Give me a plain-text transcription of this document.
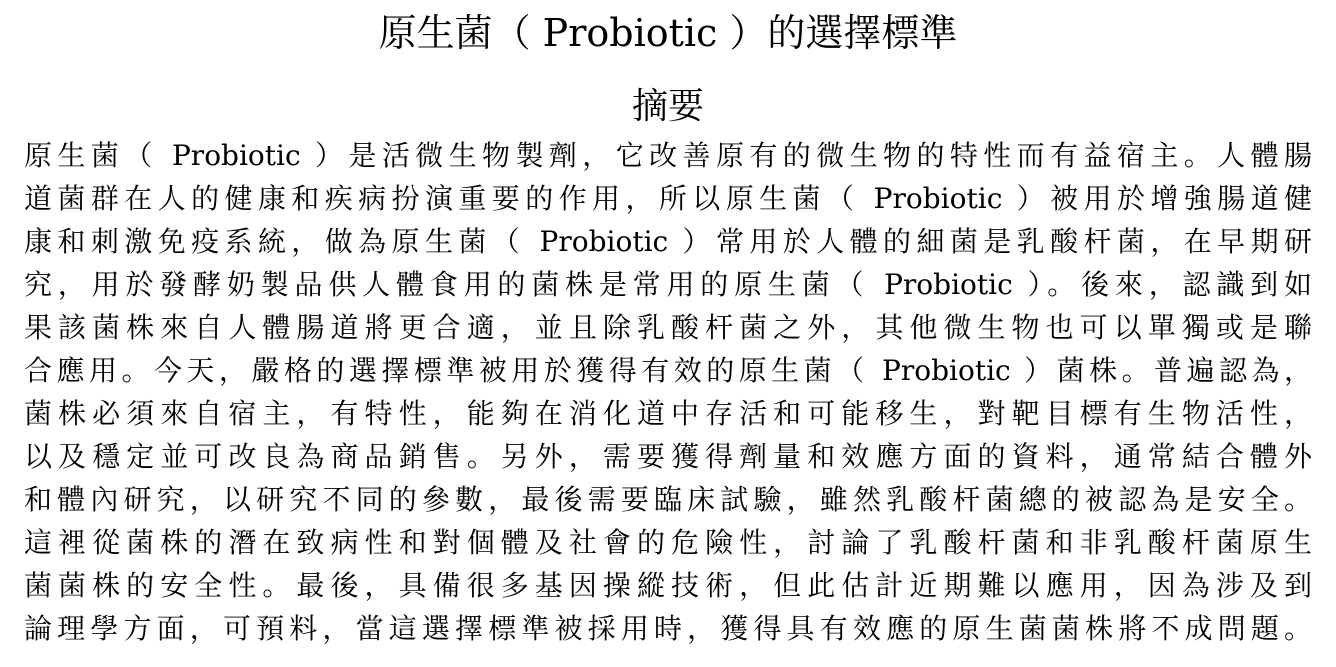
原生菌（ Probiotic ）的選擇標準
摘要
原生菌（ Probiotic ）是活微生物製劑，它改善原有的微生物的特性而有益宿主。人體腸
道菌群在人的健康和疾病扮演重要的作用，所以原生菌（ Probiotic ）被用於增強腸道健
康和刺激免疫系統，做為原生菌（ Probiotic ）常用於人體的細菌是乳酸杆菌，在早期研
究，用於發酵奶製品供人體食用的菌株是常用的原生菌（ Probiotic ）。後來，認識到如
果該菌株來自人體腸道將更合適，並且除乳酸杆菌之外，其他微生物也可以單獨或是聯
合應用。今天，嚴格的選擇標準被用於獲得有效的原生菌（ Probiotic ）菌株。普遍認為，
菌株必須來自宿主，有特性，能夠在消化道中存活和可能移生，對靶目標有生物活性，
以及穩定並可改良為商品銷售。另外，需要獲得劑量和效應方面的資料，通常結合體外
和體內研究，以研究不同的參數，最後需要臨床試驗，雖然乳酸杆菌總的被認為是安全。
這裡從菌株的潛在致病性和對個體及社會的危險性，討論了乳酸杆菌和非乳酸杆菌原生
菌菌株的安全性。最後，具備很多基因操縱技術，但此估計近期難以應用，因為涉及到
論理學方面，可預料，當這選擇標準被採用時，獲得具有效應的原生菌菌株將不成問題。
